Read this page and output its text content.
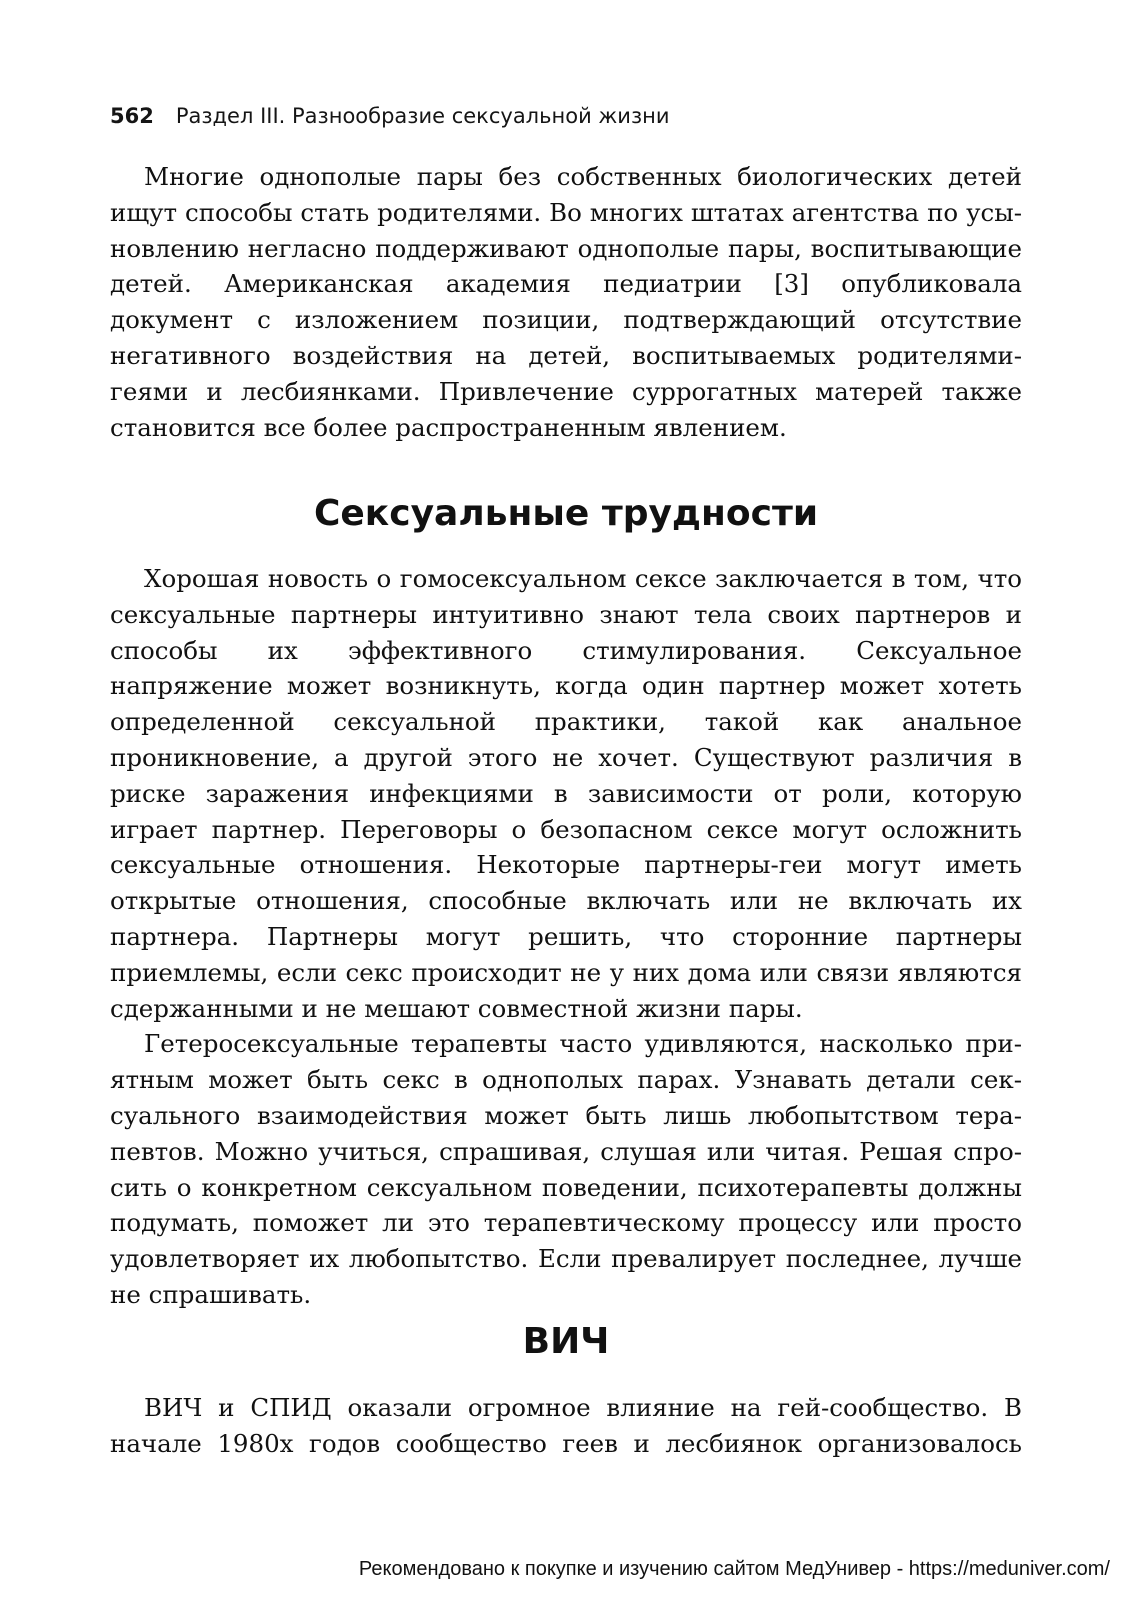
562 Раздел III. Разнообразие сексуальной жизни

Многие однополые пары без собственных биологических детей ищут способы стать родителями. Во многих штатах агентства по усыновлению негласно поддерживают однополые пары, воспитывающие детей. Американская академия педиатрии [3] опубликовала документ с изложением позиции, подтверждающий отсутствие негативного воздействия на детей, воспитываемых родителями-геями и лесбиянками. Привлечение суррогатных матерей также становится все более распространенным явлением.

Сексуальные трудности

Хорошая новость о гомосексуальном сексе заключается в том, что сексуальные партнеры интуитивно знают тела своих партнеров и способы их эффективного стимулирования. Сексуальное напряжение может возникнуть, когда один партнер может хотеть определенной сексуальной практики, такой как анальное проникновение, а другой этого не хочет. Существуют различия в риске заражения инфекциями в зависимости от роли, которую играет партнер. Переговоры о безопасном сексе могут осложнить сексуальные отношения. Некоторые партнеры-геи могут иметь открытые отношения, способные включать или не включать их партнера. Партнеры могут решить, что сторонние партнеры приемлемы, если секс происходит не у них дома или связи являются сдержанными и не мешают совместной жизни пары.

Гетеросексуальные терапевты часто удивляются, насколько приятным может быть секс в однополых парах. Узнавать детали сексуального взаимодействия может быть лишь любопытством терапевтов. Можно учиться, спрашивая, слушая или читая. Решая спросить о конкретном сексуальном поведении, психотерапевты должны подумать, поможет ли это терапевтическому процессу или просто удовлетворяет их любопытство. Если превалирует последнее, лучше не спрашивать.

ВИЧ

ВИЧ и СПИД оказали огромное влияние на гей-сообщество. В начале 1980х годов сообщество геев и лесбиянок организовалось

Рекомендовано к покупке и изучению сайтом МедУнивер - https://meduniver.com/
